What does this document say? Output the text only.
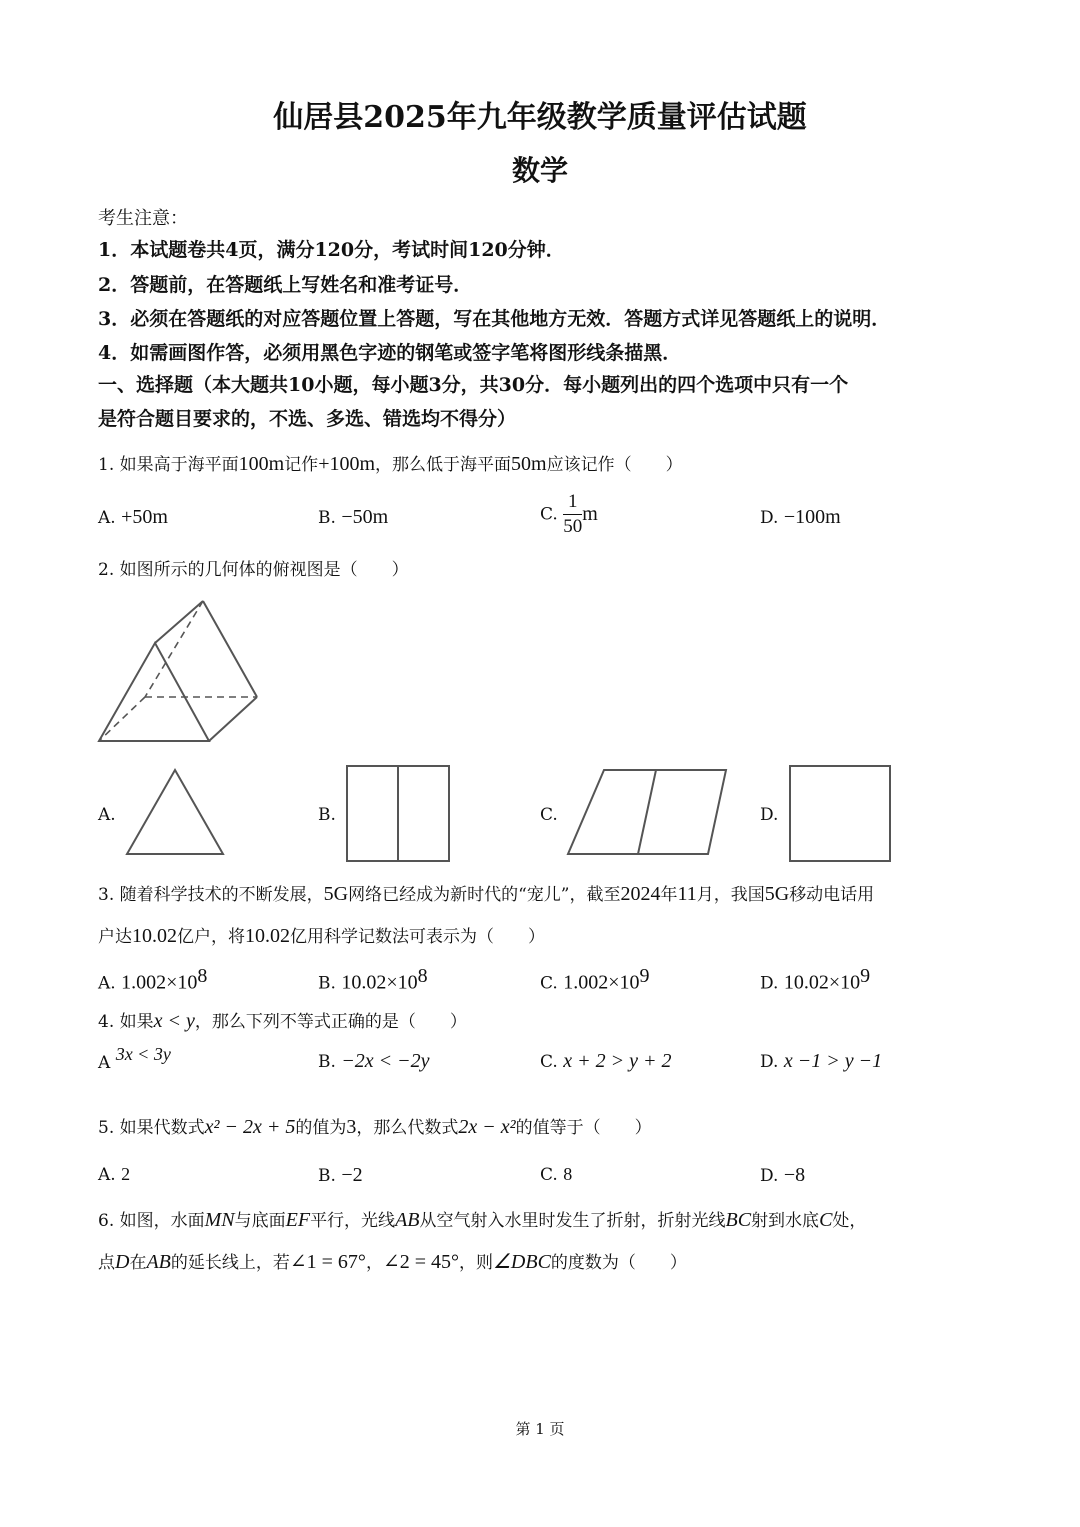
仙居县2025年九年级教学质量评估试题
数学
考生注意：
1．本试题卷共4页，满分120分，考试时间120分钟．
2．答题前，在答题纸上写姓名和准考证号．
3．必须在答题纸的对应答题位置上答题，写在其他地方无效．答题方式详见答题纸上的说明．
4．如需画图作答，必须用黑色字迹的钢笔或签字笔将图形线条描黑．
一、选择题（本大题共10小题，每小题3分，共30分．每小题列出的四个选项中只有一个
是符合题目要求的，不选、多选、错选均不得分）
1. 如果高于海平面100m记作+100m，那么低于海平面50m应该记作（　　）
A. +50m	B. −50m	C. $\frac{1}{50}$ m	D. −100m
2. 如图所示的几何体的俯视图是（　　）
A.	B.	C.	D.
3. 随着科学技术的不断发展，5G网络已经成为新时代的“宠儿”，截至2024年11月，我国5G移动电话用
户达10.02亿户，将10.02亿用科学记数法可表示为（　　）
A. $1.002\times 10^8$	B. $10.02\times 10^8$	C. $1.002\times 10^9$	D. $10.02\times 10^9$
4. 如果x < y，那么下列不等式正确的是（　　）
A 3x < 3y	B. −2x < −2y	C. x + 2 > y + 2	D. x −1 > y −1
5. 如果代数式x² − 2x + 5的值为3，那么代数式2x − x²的值等于（　　）
A. 2	B. −2	C. 8	D. −8
6. 如图，水面MN与底面EF平行，光线AB从空气射入水里时发生了折射，折射光线BC射到水底C处，
点D在AB的延长线上，若∠1 = 67°，∠2 = 45°，则∠DBC的度数为（　　）
第 1 页
